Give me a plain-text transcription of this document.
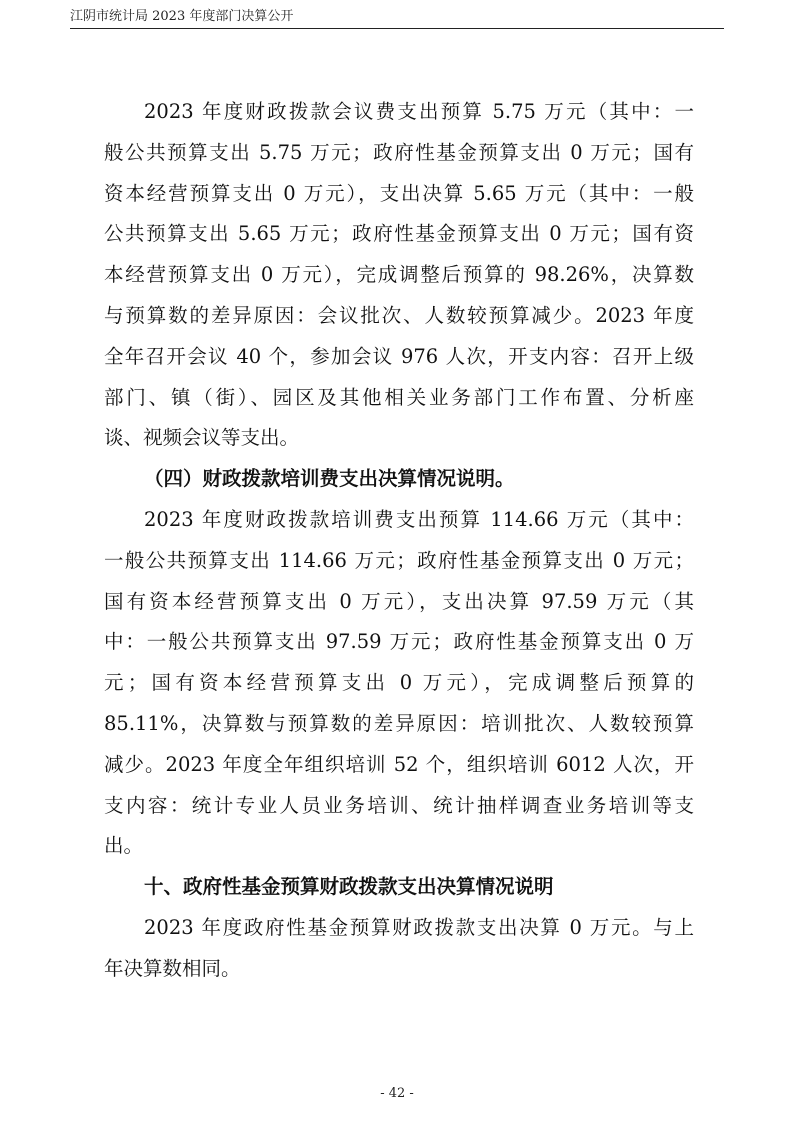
江阴市统计局 2023 年度部门决算公开
2023 年度财政拨款会议费支出预算 5.75 万元（其中：一
般公共预算支出 5.75 万元；政府性基金预算支出 0 万元；国有
资本经营预算支出 0 万元），支出决算 5.65 万元（其中：一般
公共预算支出 5.65 万元；政府性基金预算支出 0 万元；国有资
本经营预算支出 0 万元），完成调整后预算的 98.26%，决算数
与预算数的差异原因：会议批次、人数较预算减少。2023 年度
全年召开会议 40 个，参加会议 976 人次，开支内容：召开上级
部门、镇（街）、园区及其他相关业务部门工作布置、分析座
谈、视频会议等支出。
（四）财政拨款培训费支出决算情况说明。
2023 年度财政拨款培训费支出预算 114.66 万元（其中：
一般公共预算支出 114.66 万元；政府性基金预算支出 0 万元；
国有资本经营预算支出 0 万元），支出决算 97.59 万元（其
中：一般公共预算支出 97.59 万元；政府性基金预算支出 0 万
元；国有资本经营预算支出 0 万元），完成调整后预算的
85.11%，决算数与预算数的差异原因：培训批次、人数较预算
减少。2023 年度全年组织培训 52 个，组织培训 6012 人次，开
支内容：统计专业人员业务培训、统计抽样调查业务培训等支
出。
十、政府性基金预算财政拨款支出决算情况说明
2023 年度政府性基金预算财政拨款支出决算 0 万元。与上
年决算数相同。
- 42 -
